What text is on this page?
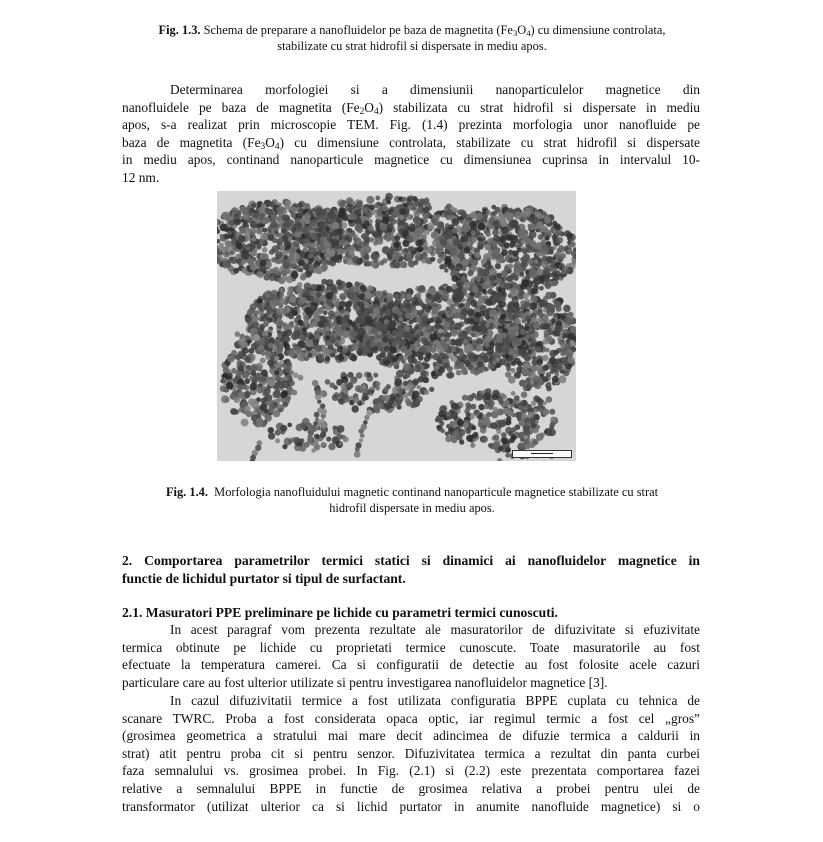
Fig. 1.3. Schema de preparare a nanofluidelor pe baza de magnetita $(Fe_3O_4)$ cu dimensiune controlata,
stabilizate cu strat hidrofil si dispersate in mediu apos.
Determinarea morfologiei si a dimensiunii nanoparticulelor magnetice din
nanofluidele pe baza de magnetita $(Fe_2O_4)$ stabilizata cu strat hidrofil si dispersate in mediu
apos, s-a realizat prin microscopie TEM. Fig. (1.4) prezinta morfologia unor nanofluide pe
baza de magnetita $(Fe_3O_4)$ cu dimensiune controlata, stabilizate cu strat hidrofil si dispersate
in mediu apos, continand nanoparticule magnetice cu dimensiunea cuprinsa in intervalul 10-
12 nm.
Fig. 1.4. Morfologia nanofluidului magnetic continand nanoparticule magnetice stabilizate cu strat
hidrofil dispersate in mediu apos.
2. Comportarea parametrilor termici statici si dinamici ai nanofluidelor magnetice in
functie de lichidul purtator si tipul de surfactant.
2.1. Masuratori PPE preliminare pe lichide cu parametri termici cunoscuti.
In acest paragraf vom prezenta rezultate ale masuratorilor de difuzivitate si efuzivitate
termica obtinute pe lichide cu proprietati termice cunoscute. Toate masuratorile au fost
efectuate la temperatura camerei. Ca si configuratii de detectie au fost folosite acele cazuri
particulare care au fost ulterior utilizate si pentru investigarea nanofluidelor magnetice [3].
In cazul difuzivitatii termice a fost utilizata configuratia BPPE cuplata cu tehnica de
scanare TWRC. Proba a fost considerata opaca optic, iar regimul termic a fost cel „gros”
(grosimea geometrica a stratului mai mare decit adincimea de difuzie termica a caldurii in
strat) atit pentru proba cit si pentru senzor. Difuzivitatea termica a rezultat din panta curbei
faza semnalului vs. grosimea probei. In Fig. (2.1) si (2.2) este prezentata comportarea fazei
relative a semnalului BPPE in functie de grosimea relativa a probei pentru ulei de
transformator (utilizat ulterior ca si lichid purtator in anumite nanofluide magnetice) si o
